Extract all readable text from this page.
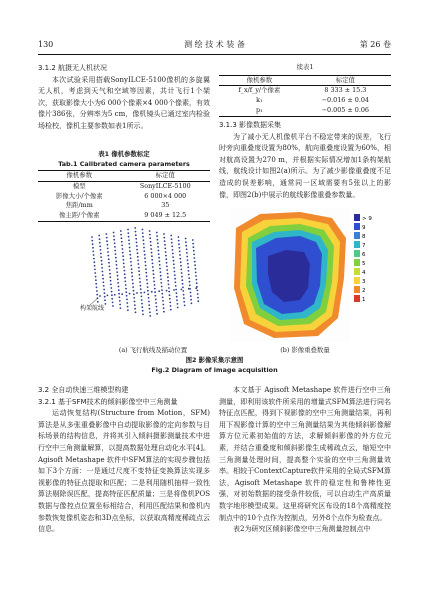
130	测 绘 技 术 装 备	第 26 卷

3.1.2 航摄无人机状况

本次试验采用搭载SonyILCE-5100像机的多旋翼无人机，考虑到天气和空域等因素，共计飞行1个架次，获取影像大小为6 000个像素×4 000个像素，有效像片386张，分辨率为5 cm，像机镜头已通过室内检验场检校，像机主要参数如表1所示。

表1 像机参数标定

Tab.1 Calibrated camera parameters

像机参数	标定值
模型	SonyILCE-5100
影像大小/个像素	6 000×4 000
焦距/mm	35
像主距/个像素	9 049 ± 12.5

续表1

像机参数	标定值
f_x/f_y/个像素	8 333 ± 15.3
k₁	−0.016 ± 0.04
p₁	−0.005 ± 0.06

3.1.3 影像数据采集

为了减小无人机像机平台不稳定带来的误差，飞行时旁向重叠度设置为80%，航向重叠度设置为60%，相对航高设置为270 m，并根据实际情况增加1条构架航线，航线设计如图2(a)所示。为了减少影像重叠度不足造成的误差影响，通常同一区域需要有5张以上的影像，即图2(b)中展示的航线影像重叠参数量。

构架航线
> 9
9
8
7
6
5
4
3
2
1
(a) 飞行航线及描动位置	(b) 影像重叠数量

图2 影像采集示意图

Fig.2 Diagram of image acquisition

3.2 全自动快速三维模型构建

3.2.1 基于SFM技术的倾斜影像空中三角测量

运动恢复结构(Structure from Motion，SFM)算法是从多张重叠影像中自动提取影像的定向参数与目标场景的结构信息，并将其引入倾斜摄影测量技术中进行空中三角测量解算，以提高数据处理自动化水平[4]。Agisoft Metashape 软件中SFM算法的实现步骤包括如下3个方面：一是通过尺度不变特征变换算法实现多视影像的特征点提取和匹配；二是利用随机抽样一致性算法剔除误匹配，提高特征匹配质量；三是将像机POS数据与像控点位置坐标相结合，利用匹配结果和像机内参数恢复像机姿态和3D点坐标，以获取高精度稀疏点云信息。

本文基于 Agisoft Metashape 软件进行空中三角测量，即利用该软件所采用的增量式SFM算法进行同名特征点匹配，得到下视影像的空中三角测量结果，再利用下视影像计算的空中三角测量结果为其他倾斜影像解算方位元素初始值的方法，求解倾斜影像的外方位元素，并结合重叠度和倾斜影像生成稀疏点云，缩短空中三角测量处理时间，提高整个实验的空中三角测量效率。相较于ContextCapture软件采用的全局式SFM算法，Agisoft Metashape 软件的稳定性和鲁棒性更强，对初始数据的接受条件较低，可以自动生产高质量数字地形模型成果。这里将研究区布设的18个高精度控制点中的10个点作为控制点，另外8个点作为检查点。

表2为研究区倾斜影像空中三角测量控制点中
